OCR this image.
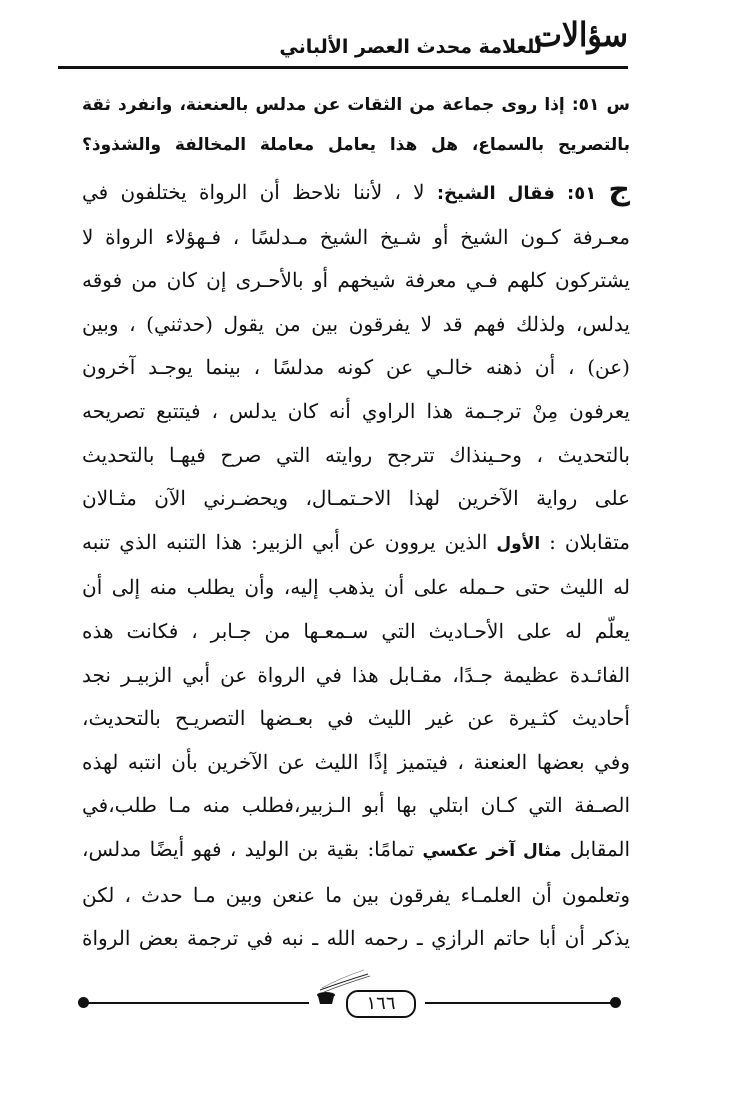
سؤالات
للعلامة محدث العصر الألباني
س ٥١: إذا روى جماعة من الثقات عن مدلس بالعنعنة، وانفرد ثقة
بالتصريح بالسماع، هل هذا يعامل معاملة المخالفة والشذوذ؟
ج ٥١: فقال الشيخ: لا ، لأننا نلاحظ أن الرواة يختلفون في
معـرفة كـون الشيخ أو شـيخ الشيخ مـدلسًا ، فـهؤلاء الرواة لا
يشتركون كلهم فـي معرفة شيخهم أو بالأحـرى إن كان من فوقه
يدلس، ولذلك فهم قد لا يفرقون بين من يقول (حدثني) ، وبين
(عن) ، أن ذهنه خالـي عن كونه مدلسًا ، بينما يوجـد آخرون
يعرفون مِنْ ترجـمة هذا الراوي أنه كان يدلس ، فيتتبع تصريحه
بالتحديث ، وحـينذاك تترجح روايته التي صرح فيهـا بالتحديث
على رواية الآخرين لهذا الاحـتمـال، ويحضـرني الآن مثـالان
متقابلان : الأول الذين يروون عن أبي الزبير: هذا التنبه الذي تنبه
له الليث حتى حـمله على أن يذهب إليه، وأن يطلب منه إلى أن
يعلّم له على الأحـاديث التي سـمعـها من جـابر ، فكانت هذه
الفائـدة عظيمة جـدًا، مقـابل هذا في الرواة عن أبي الزبيـر نجد
أحاديث كثـيرة عن غير الليث في بعـضها التصريـح بالتحديث،
وفي بعضها العنعنة ، فيتميز إذًا الليث عن الآخرين بأن انتبه لهذه
الصـفة التي كـان ابتلي بها أبو الـزبير،فطلب منه مـا طلب،في
المقابل مثال آخر عكسي تمامًا: بقية بن الوليد ، فهو أيضًا مدلس،
وتعلمون أن العلمـاء يفرقون بين ما عنعن وبين مـا حدث ، لكن
يذكر أن أبا حاتم الرازي ـ رحمه الله ـ نبه في ترجمة بعض الرواة
١٦٦
